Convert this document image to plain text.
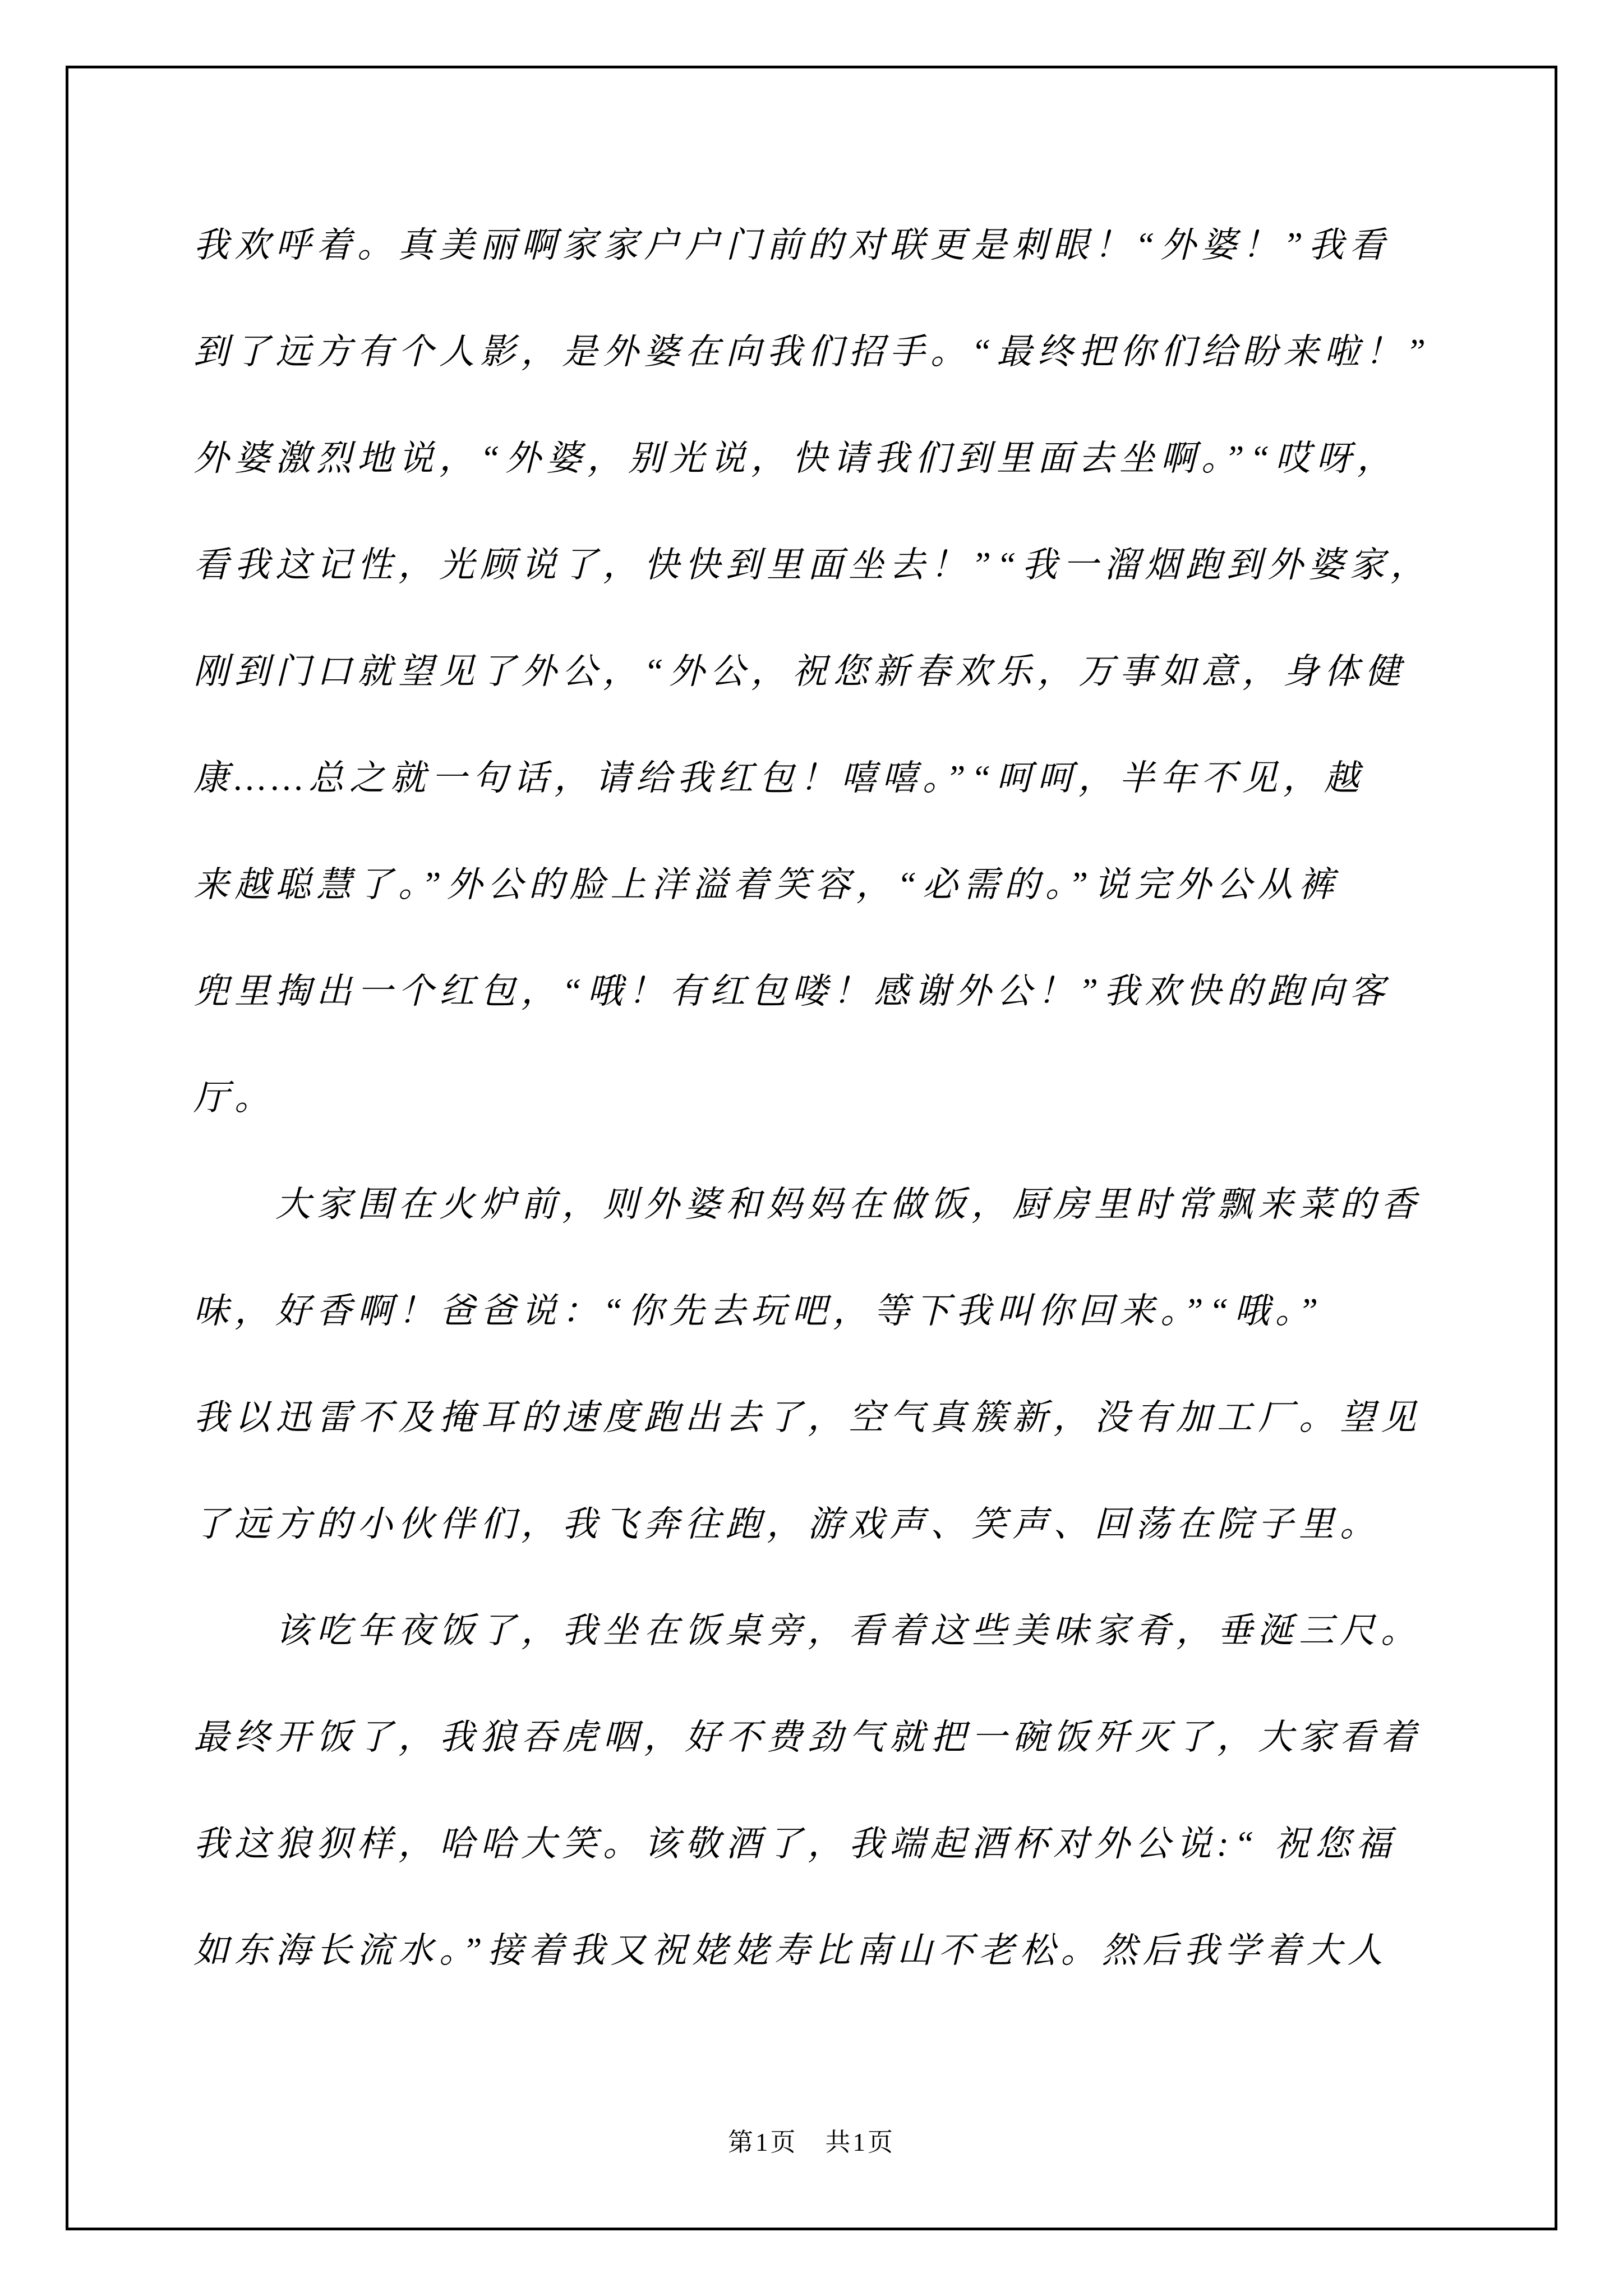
我欢呼着。真美丽啊家家户户门前的对联更是刺眼！“外婆！”我看
到了远方有个人影，是外婆在向我们招手。“最终把你们给盼来啦！”
外婆激烈地说，“外婆，别光说，快请我们到里面去坐啊。”“哎呀，
看我这记性，光顾说了，快快到里面坐去！”“我一溜烟跑到外婆家，
刚到门口就望见了外公，“外公，祝您新春欢乐，万事如意，身体健
康……总之就一句话，请给我红包！嘻嘻。”“呵呵，半年不见，越
来越聪慧了。”外公的脸上洋溢着笑容，“必需的。”说完外公从裤
兜里掏出一个红包，“哦！有红包喽！感谢外公！”我欢快的跑向客
厅。
大家围在火炉前，则外婆和妈妈在做饭，厨房里时常飘来菜的香
味，好香啊！爸爸说：“你先去玩吧，等下我叫你回来。”“哦。”
我以迅雷不及掩耳的速度跑出去了，空气真簇新，没有加工厂。望见
了远方的小伙伴们，我飞奔往跑，游戏声、笑声、回荡在院子里。
该吃年夜饭了，我坐在饭桌旁，看着这些美味家肴，垂涎三尺。
最终开饭了，我狼吞虎咽，好不费劲气就把一碗饭歼灭了，大家看着
我这狼狈样，哈哈大笑。该敬酒了，我端起酒杯对外公说:“ 祝您福
如东海长流水。”接着我又祝姥姥寿比南山不老松。然后我学着大人
第1页　共1页
